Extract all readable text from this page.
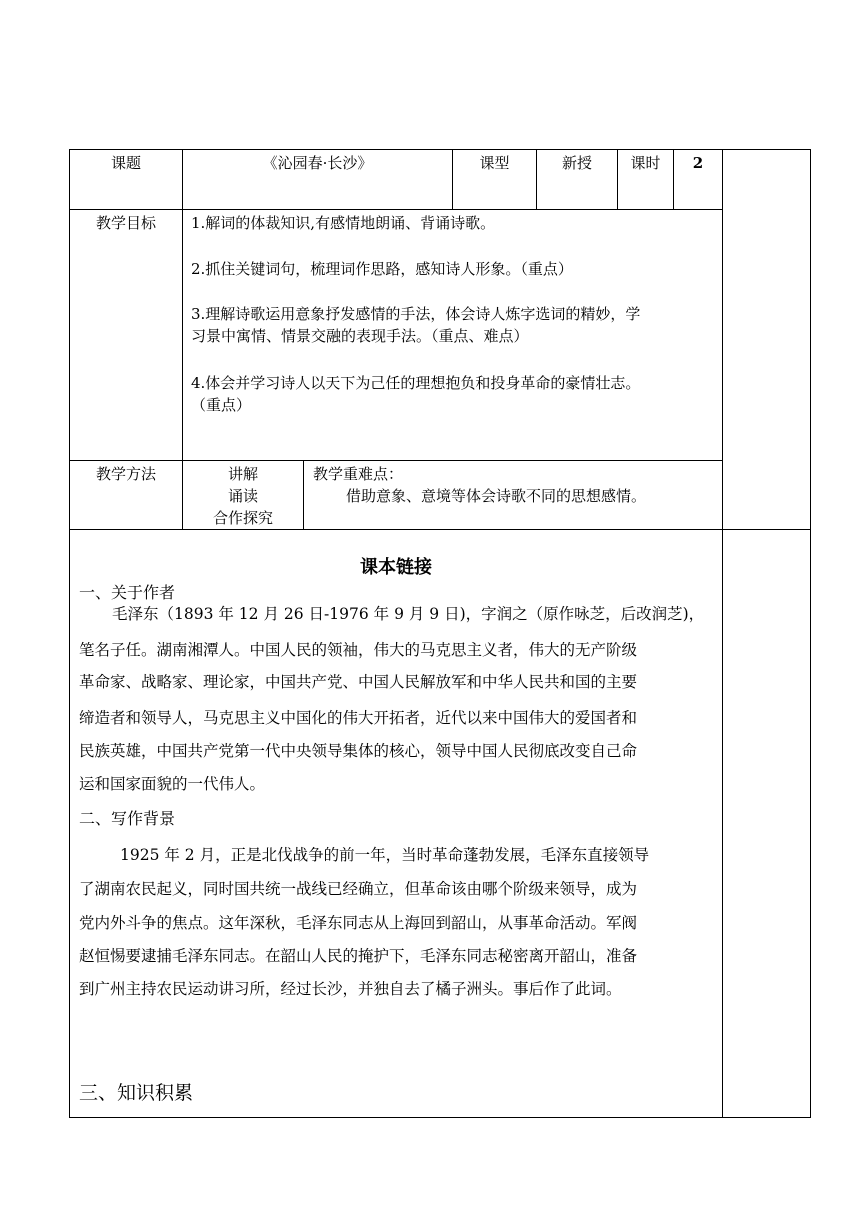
课题	《沁园春·长沙》	课型	新授	课时	2
教学目标	1.解词的体裁知识,有感情地朗诵、背诵诗歌。
2.抓住关键词句，梳理词作思路，感知诗人形象。（重点）
3.理解诗歌运用意象抒发感情的手法，体会诗人炼字选词的精妙，学
习景中寓情、情景交融的表现手法。（重点、难点）
4.体会并学习诗人以天下为己任的理想抱负和投身革命的豪情壮志。
（重点）
教学方法	讲解
诵读
合作探究
教学重难点：
借助意象、意境等体会诗歌不同的思想感情。
课本链接
一、关于作者
毛泽东（1893 年 12 月 26 日-1976 年 9 月 9 日)，字润之（原作咏芝，后改润芝)，
笔名子任。湖南湘潭人。中国人民的领袖，伟大的马克思主义者，伟大的无产阶级
革命家、战略家、理论家，中国共产党、中国人民解放军和中华人民共和国的主要
缔造者和领导人，马克思主义中国化的伟大开拓者，近代以来中国伟大的爱国者和
民族英雄，中国共产党第一代中央领导集体的核心，领导中国人民彻底改变自己命
运和国家面貌的一代伟人。
二、写作背景
1925 年 2 月，正是北伐战争的前一年，当时革命蓬勃发展，毛泽东直接领导
了湖南农民起义，同时国共统一战线已经确立，但革命该由哪个阶级来领导，成为
党内外斗争的焦点。这年深秋，毛泽东同志从上海回到韶山，从事革命活动。军阀
赵恒惕要逮捕毛泽东同志。在韶山人民的掩护下，毛泽东同志秘密离开韶山，准备
到广州主持农民运动讲习所，经过长沙，并独自去了橘子洲头。事后作了此词。
三、知识积累
